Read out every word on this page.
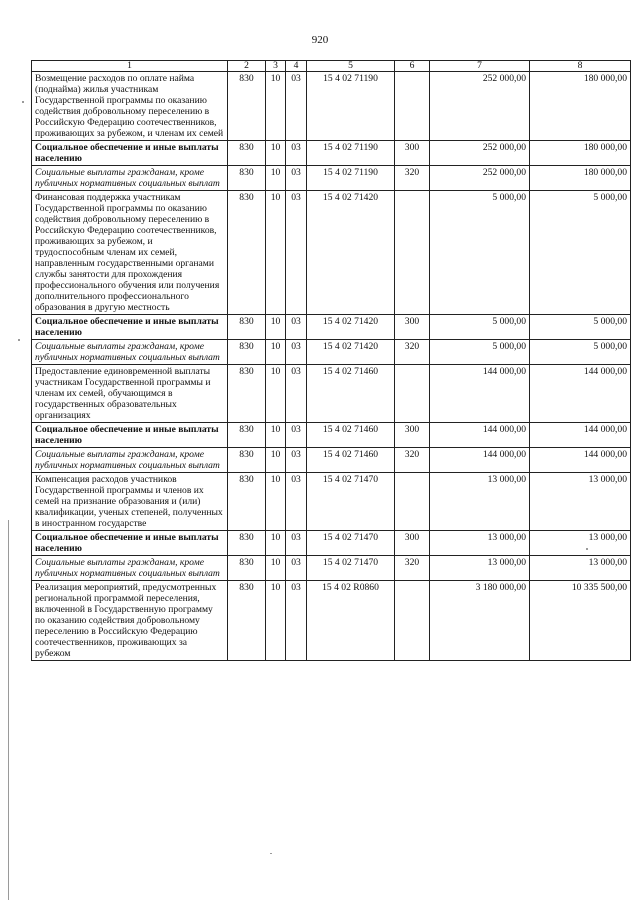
920
1	2	3	4	5	6	7	8
Возмещение расходов по оплате найма (поднайма) жилья участникам Государственной программы по оказанию содействия добровольному переселению в Российскую Федерацию соотечественников, проживающих за рубежом, и членам их семей	830	10	03	15 4 02 71190		252 000,00	180 000,00
Социальное обеспечение и иные выплаты населению	830	10	03	15 4 02 71190	300	252 000,00	180 000,00
Социальные выплаты гражданам, кроме публичных нормативных социальных выплат	830	10	03	15 4 02 71190	320	252 000,00	180 000,00
Финансовая поддержка участникам Государственной программы по оказанию содействия добровольному переселению в Российскую Федерацию соотечественников, проживающих за рубежом, и трудоспособным членам их семей, направленным государственными органами службы занятости для прохождения профессионального обучения или получения дополнительного профессионального образования в другую местность	830	10	03	15 4 02 71420		5 000,00	5 000,00
Социальное обеспечение и иные выплаты населению	830	10	03	15 4 02 71420	300	5 000,00	5 000,00
Социальные выплаты гражданам, кроме публичных нормативных социальных выплат	830	10	03	15 4 02 71420	320	5 000,00	5 000,00
Предоставление единовременной выплаты участникам Государственной программы и членам их семей, обучающимся в государственных образовательных организациях	830	10	03	15 4 02 71460		144 000,00	144 000,00
Социальное обеспечение и иные выплаты населению	830	10	03	15 4 02 71460	300	144 000,00	144 000,00
Социальные выплаты гражданам, кроме публичных нормативных социальных выплат	830	10	03	15 4 02 71460	320	144 000,00	144 000,00
Компенсация расходов участников Государственной программы и членов их семей на признание образования и (или) квалификации, ученых степеней, полученных в иностранном государстве	830	10	03	15 4 02 71470		13 000,00	13 000,00
Социальное обеспечение и иные выплаты населению	830	10	03	15 4 02 71470	300	13 000,00	13 000,00
Социальные выплаты гражданам, кроме публичных нормативных социальных выплат	830	10	03	15 4 02 71470	320	13 000,00	13 000,00
Реализация мероприятий, предусмотренных региональной программой переселения, включенной в Государственную программу по оказанию содействия добровольному переселению в Российскую Федерацию соотечественников, проживающих за рубежом	830	10	03	15 4 02 R0860		3 180 000,00	10 335 500,00
